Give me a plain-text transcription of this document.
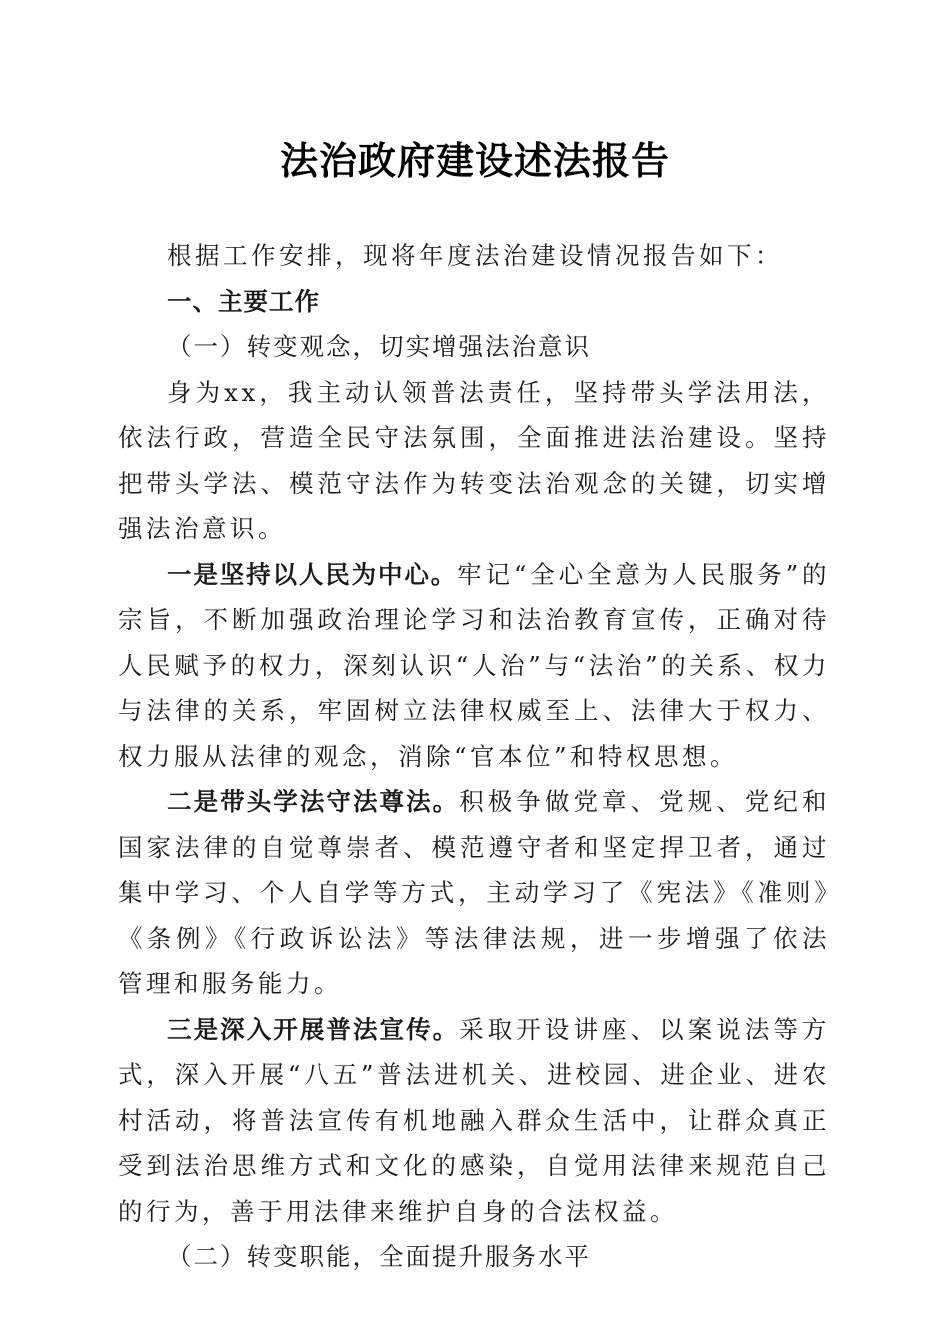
法治政府建设述法报告

根据工作安排，现将年度法治建设情况报告如下：

一、主要工作

（一）转变观念，切实增强法治意识

身为xx，我主动认领普法责任，坚持带头学法用法，依法行政，营造全民守法氛围，全面推进法治建设。坚持把带头学法、模范守法作为转变法治观念的关键，切实增强法治意识。

一是坚持以人民为中心。牢记“全心全意为人民服务”的宗旨，不断加强政治理论学习和法治教育宣传，正确对待人民赋予的权力，深刻认识“人治”与“法治”的关系、权力与法律的关系，牢固树立法律权威至上、法律大于权力、权力服从法律的观念，消除“官本位”和特权思想。

二是带头学法守法尊法。积极争做党章、党规、党纪和国家法律的自觉尊崇者、模范遵守者和坚定捍卫者，通过集中学习、个人自学等方式，主动学习了《宪法》《准则》《条例》《行政诉讼法》等法律法规，进一步增强了依法管理和服务能力。

三是深入开展普法宣传。采取开设讲座、以案说法等方式，深入开展“八五”普法进机关、进校园、进企业、进农村活动，将普法宣传有机地融入群众生活中，让群众真正受到法治思维方式和文化的感染，自觉用法律来规范自己的行为，善于用法律来维护自身的合法权益。

（二）转变职能，全面提升服务水平
